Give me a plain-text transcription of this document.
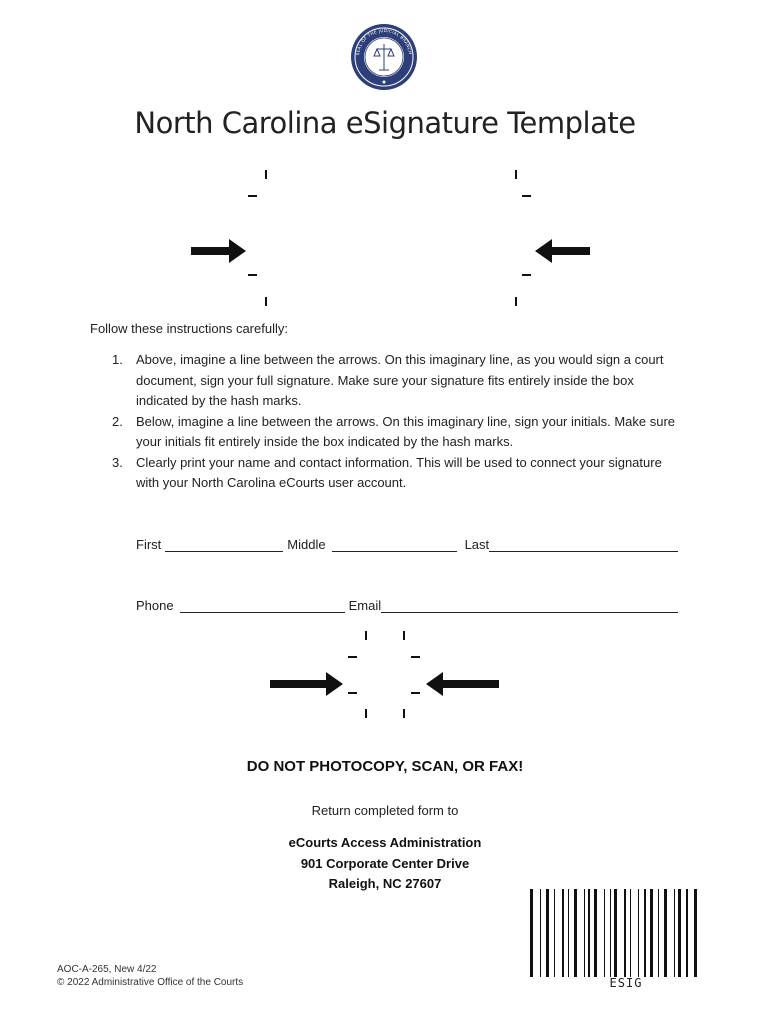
SEAL OF THE JUDICIAL BRANCH
North Carolina eSignature Template
Follow these instructions carefully:
1. Above, imagine a line between the arrows. On this imaginary line, as you would sign a court document, sign your full signature. Make sure your signature fits entirely inside the box indicated by the hash marks.
2. Below, imagine a line between the arrows. On this imaginary line, sign your initials. Make sure your initials fit entirely inside the box indicated by the hash marks.
3. Clearly print your name and contact information. This will be used to connect your signature with your North Carolina eCourts user account.
First	Middle	Last
Phone	Email
DO NOT PHOTOCOPY, SCAN, OR FAX!
Return completed form to
eCourts Access Administration
901 Corporate Center Drive
Raleigh, NC 27607
ESIG
AOC-A-265, New 4/22
© 2022 Administrative Office of the Courts
